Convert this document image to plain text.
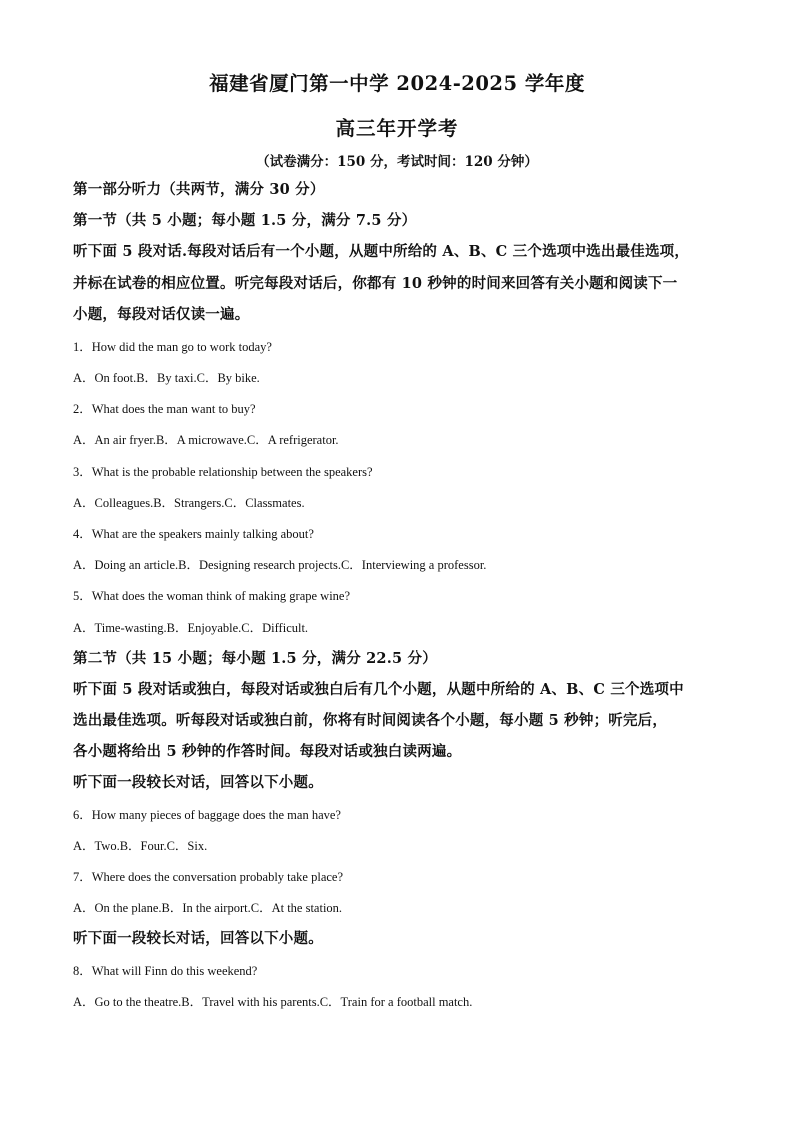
福建省厦门第一中学 2024-2025 学年度
高三年开学考
（试卷满分：150 分，考试时间：120 分钟）
第一部分听力（共两节，满分 30 分）
第一节（共 5 小题；每小题 1.5 分，满分 7.5 分）
听下面 5 段对话.每段对话后有一个小题，从题中所给的 A、B、C 三个选项中选出最佳选项，
并标在试卷的相应位置。听完每段对话后，你都有 10 秒钟的时间来回答有关小题和阅读下一
小题，每段对话仅读一遍。
1．How did the man go to work today?
A．On foot.B．By taxi.C．By bike.
2．What does the man want to buy?
A．An air fryer.B．A microwave.C．A refrigerator.
3．What is the probable relationship between the speakers?
A．Colleagues.B．Strangers.C．Classmates.
4．What are the speakers mainly talking about?
A．Doing an article.B．Designing research projects.C．Interviewing a professor.
5．What does the woman think of making grape wine?
A．Time-wasting.B．Enjoyable.C．Difficult.
第二节（共 15 小题；每小题 1.5 分，满分 22.5 分）
听下面 5 段对话或独白，每段对话或独白后有几个小题，从题中所给的 A、B、C 三个选项中
选出最佳选项。听每段对话或独白前，你将有时间阅读各个小题，每小题 5 秒钟；听完后，
各小题将给出 5 秒钟的作答时间。每段对话或独白读两遍。
听下面一段较长对话，回答以下小题。
6．How many pieces of baggage does the man have?
A．Two.B．Four.C．Six.
7．Where does the conversation probably take place?
A．On the plane.B．In the airport.C．At the station.
听下面一段较长对话，回答以下小题。
8．What will Finn do this weekend?
A．Go to the theatre.B．Travel with his parents.C．Train for a football match.
